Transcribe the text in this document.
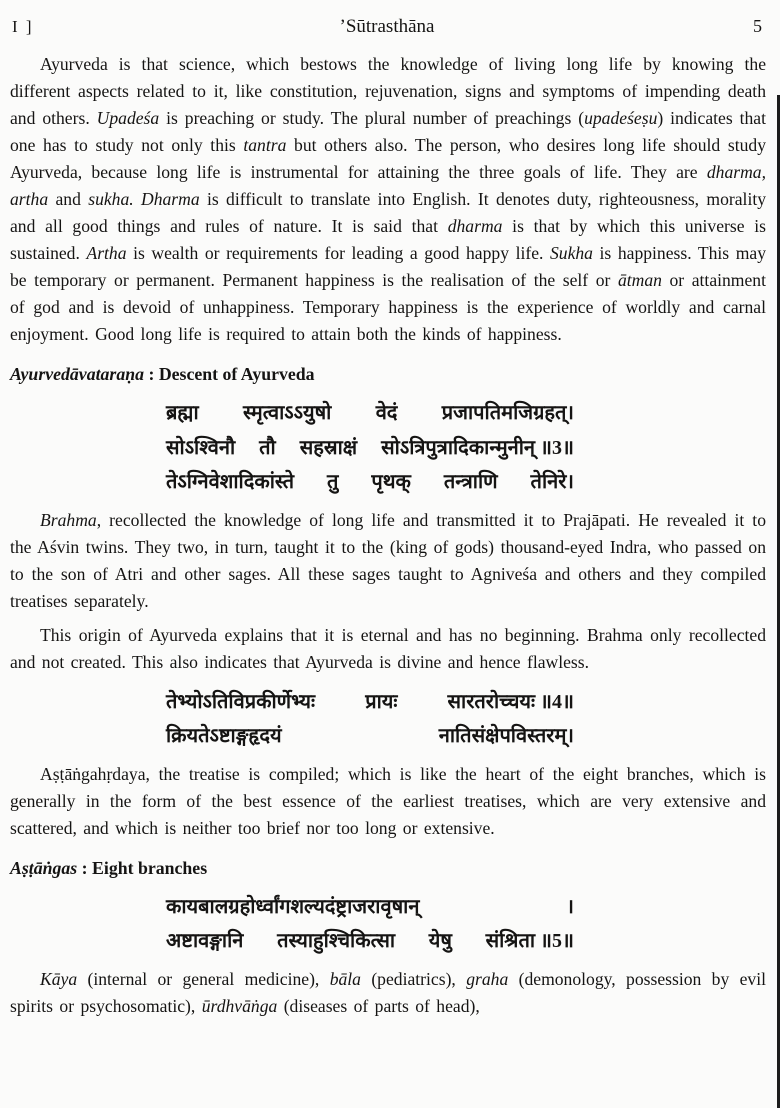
I ]	ʼSūtrasthāna	5

Ayurveda is that science, which bestows the knowledge of living long life by knowing the different aspects related to it, like constitution, rejuvenation, signs and symptoms of impending death and others. Upadeśa is preaching or study. The plural number of preachings (upadeśeṣu) indicates that one has to study not only this tantra but others also. The person, who desires long life should study Ayurveda, because long life is instrumental for attaining the three goals of life. They are dharma, artha and sukha. Dharma is difficult to translate into English. It denotes duty, righteousness, morality and all good things and rules of nature. It is said that dharma is that by which this universe is sustained. Artha is wealth or requirements for leading a good happy life. Sukha is happiness. This may be temporary or permanent. Permanent happiness is the realisation of the self or ātman or attainment of god and is devoid of unhappiness. Temporary happiness is the experience of worldly and carnal enjoyment. Good long life is required to attain both the kinds of happiness.

Ayurvedāvataraṇa : Descent of Ayurveda
ब्रह्मा स्मृत्वाऽऽयुषो वेदं प्रजापतिमजिग्रहत्।
सोऽश्विनौ तौ सहस्राक्षं सोऽत्रिपुत्रादिकान्मुनीन् ॥3॥
तेऽग्निवेशादिकांस्ते तु पृथक् तन्त्राणि तेनिरे।

Brahma, recollected the knowledge of long life and transmitted it to Prajāpati. He revealed it to the Aśvin twins. They two, in turn, taught it to the (king of gods) thousand-eyed Indra, who passed on to the son of Atri and other sages. All these sages taught to Agniveśa and others and they compiled treatises separately.

This origin of Ayurveda explains that it is eternal and has no beginning. Brahma only recollected and not created. This also indicates that Ayurveda is divine and hence flawless.

तेभ्योऽतिविप्रकीर्णेभ्यः	प्रायः	सारतरोच्चयः ॥4॥
क्रियतेऽष्टाङ्गहृदयं	नातिसंक्षेपविस्तरम्।

Aṣṭāṅgahṛdaya, the treatise is compiled; which is like the heart of the eight branches, which is generally in the form of the best essence of the earliest treatises, which are very extensive and scattered, and which is neither too brief nor too long or extensive.

Aṣṭāṅgas : Eight branches
कायबालग्रहोर्ध्वांगशल्यदंष्ट्राजरावृषान्	।
अष्टावङ्गानि तस्याहुश्चिकित्सा येषु संश्रिता ॥5॥

Kāya (internal or general medicine), bāla (pediatrics), graha (demonology, possession by evil spirits or psychosomatic), ūrdhvāṅga (diseases of parts of head),
